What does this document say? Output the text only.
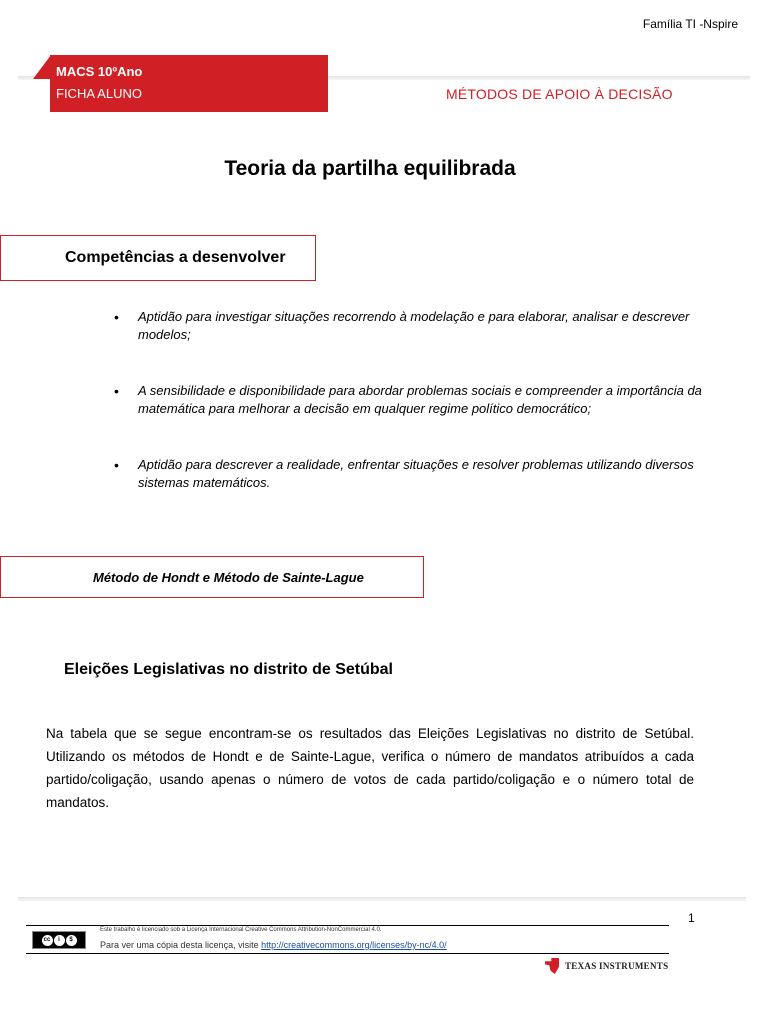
Família TI -Nspire
MACS 10ºAno
FICHA ALUNO	MÉTODOS DE APOIO À DECISÃO
Teoria da partilha equilibrada
Competências a desenvolver
• Aptidão para investigar situações recorrendo à modelação e para elaborar, analisar e descrever modelos;
• A sensibilidade e disponibilidade para abordar problemas sociais e compreender a importância da matemática para melhorar a decisão em qualquer regime político democrático;
• Aptidão para descrever a realidade, enfrentar situações e resolver problemas utilizando diversos sistemas matemáticos.
Método de Hondt e Método de Sainte-Lague
Eleições Legislativas no distrito de Setúbal

Na tabela que se segue encontram-se os resultados das Eleições Legislativas no distrito de Setúbal. Utilizando os métodos de Hondt e de Sainte-Lague, verifica o número de mandatos atribuídos a cada partido/coligação, usando apenas o número de votos de cada partido/coligação e o número total de mandatos.

1
cc	i	$
Este trabalho é licenciado sob a Licença Internacional Creative Commons Attribution-NonCommercial 4.0.
Para ver uma cópia desta licença, visite http://creativecommons.org/licenses/by-nc/4.0/
TEXAS INSTRUMENTS
